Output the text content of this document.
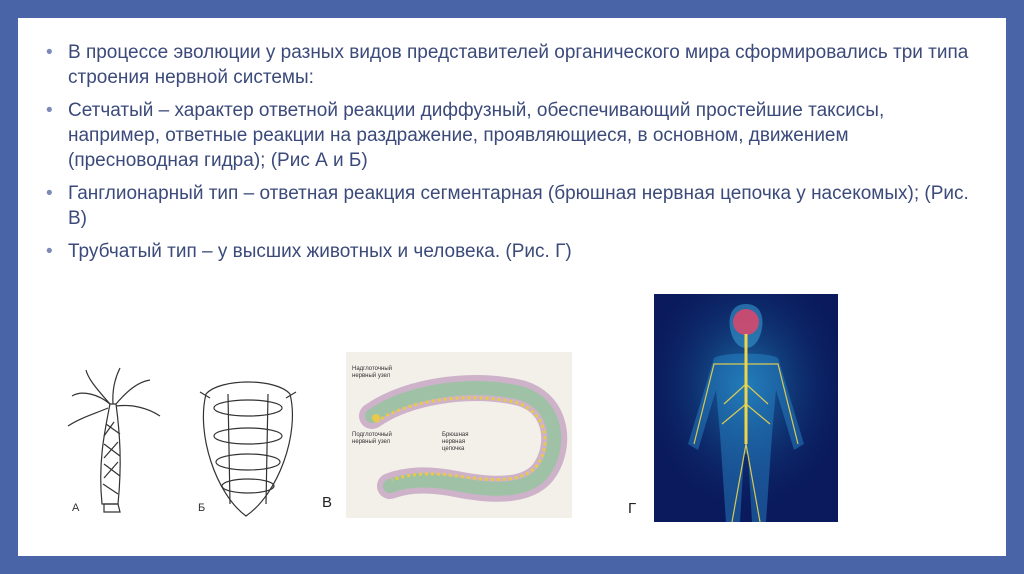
• В процессе эволюции у разных видов представителей органического мира сформировались три типа строения нервной системы:
• Сетчатый – характер ответной реакции диффузный, обеспечивающий простейшие таксисы, например, ответные реакции на раздражение, проявляющиеся, в основном, движением (пресноводная гидра); (Рис А и Б)
• Ганглионарный тип – ответная реакция сегментарная (брюшная нервная цепочка у насекомых); (Рис. В)
• Трубчатый тип – у высших животных и человека. (Рис. Г)
А	Б
Надглоточный нервный узел
Подглоточный нервный узел
Брюшная нервная цепочка
В	Г
